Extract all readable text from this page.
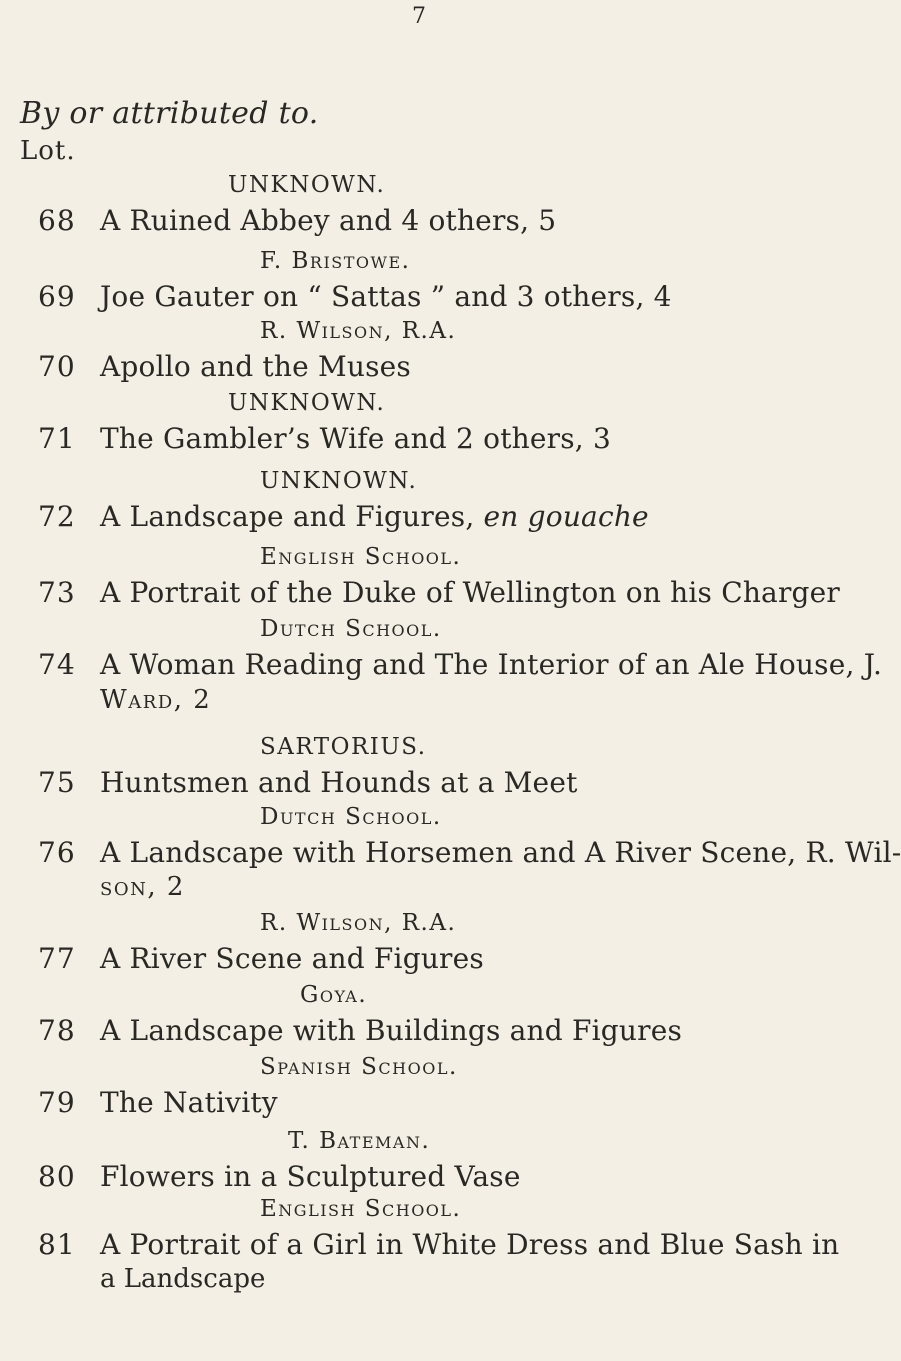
7
By or attributed to.
Lot.
UNKNOWN.
68 A Ruined Abbey and 4 others, 5
F. Bristowe.
69 Joe Gauter on “ Sattas ” and 3 others, 4
R. Wilson, R.A.
70 Apollo and the Muses
UNKNOWN.
71 The Gambler’s Wife and 2 others, 3
UNKNOWN.
72 A Landscape and Figures, en gouache
English School.
73 A Portrait of the Duke of Wellington on his Charger
Dutch School.
74 A Woman Reading and The Interior of an Ale House, J.
Ward, 2
SARTORIUS.
75 Huntsmen and Hounds at a Meet
Dutch School.
76 A Landscape with Horsemen and A River Scene, R. Wil-
son, 2
R. Wilson, R.A.
77 A River Scene and Figures
Goya.
78 A Landscape with Buildings and Figures
Spanish School.
79 The Nativity
T. Bateman.
80 Flowers in a Sculptured Vase
English School.
81 A Portrait of a Girl in White Dress and Blue Sash in
a Landscape
